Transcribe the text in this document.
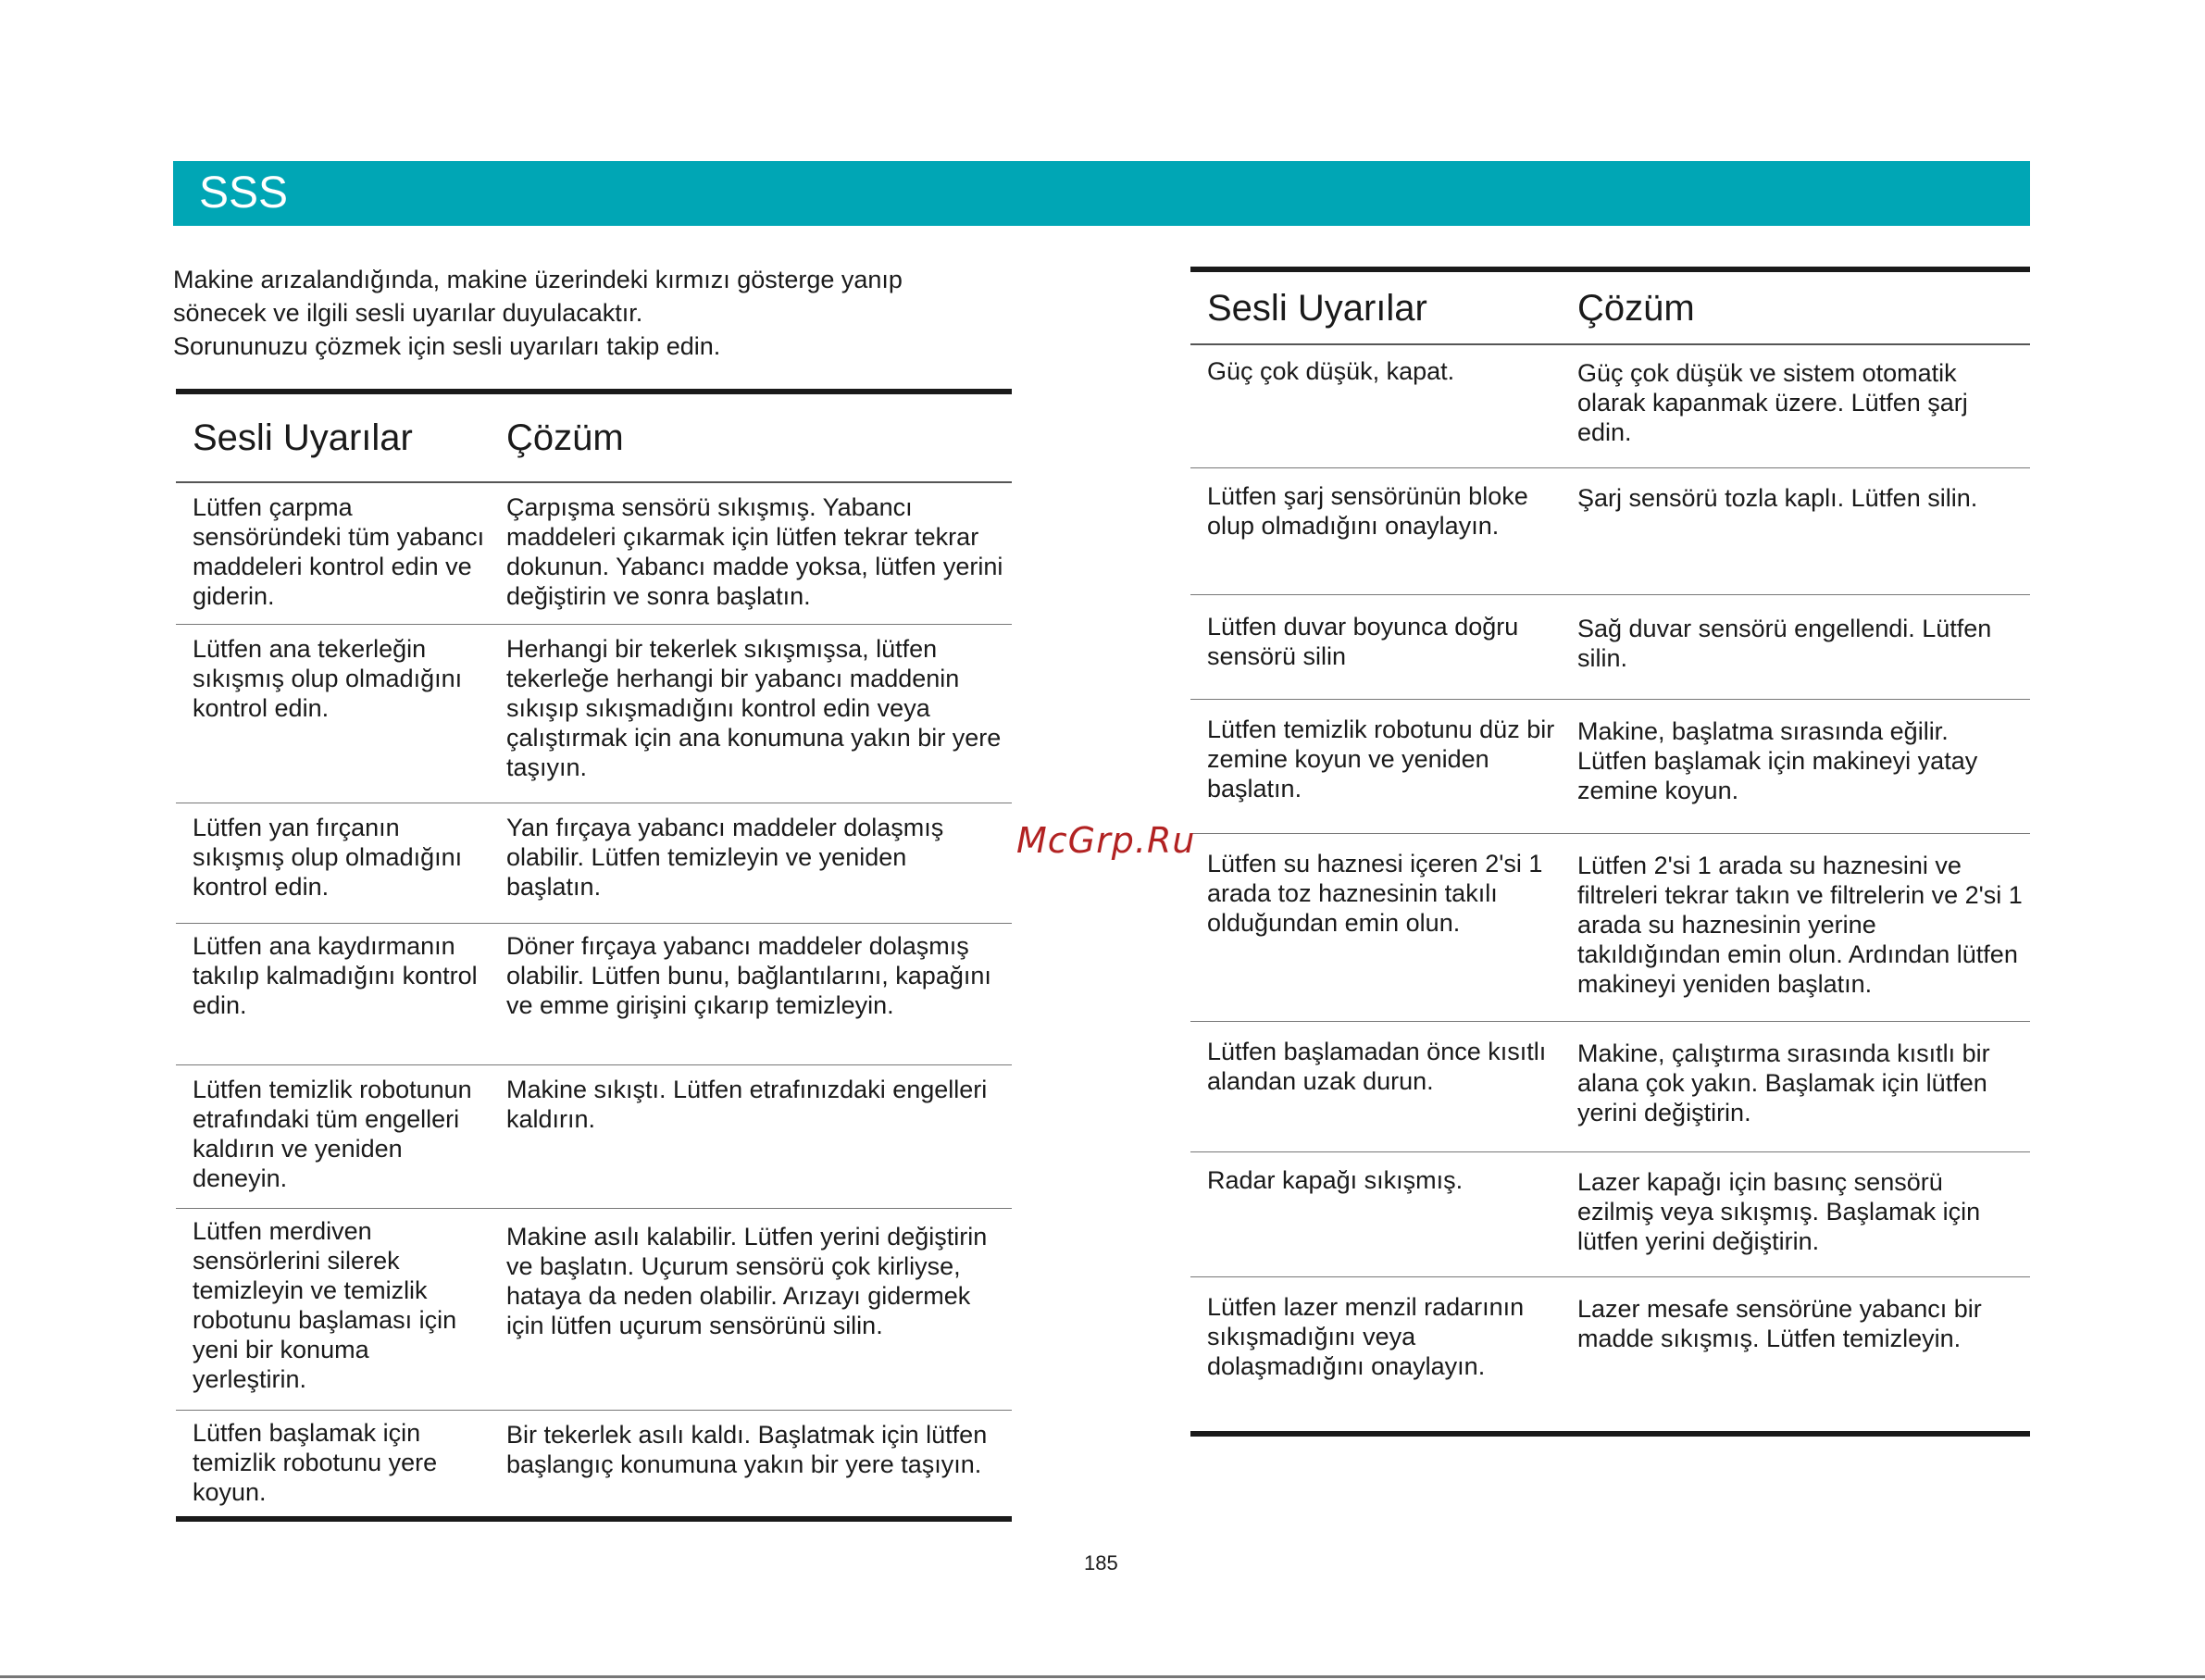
SSS

Makine arızalandığında, makine üzerindeki kırmızı gösterge yanıp

sönecek ve ilgili sesli uyarılar duyulacaktır.

Sorununuzu çözmek için sesli uyarıları takip edin.

Sesli Uyarılar	Çözüm
Lütfen çarpma sensöründeki tüm yabancı maddeleri kontrol edin ve giderin.	Çarpışma sensörü sıkışmış. Yabancı maddeleri çıkarmak için lütfen tekrar tekrar dokunun. Yabancı madde yoksa, lütfen yerini değiştirin ve sonra başlatın.
Lütfen ana tekerleğin sıkışmış olup olmadığını kontrol edin.	Herhangi bir tekerlek sıkışmışsa, lütfen tekerleğe herhangi bir yabancı maddenin sıkışıp sıkışmadığını kontrol edin veya çalıştırmak için ana konumuna yakın bir yere taşıyın.
Lütfen yan fırçanın sıkışmış olup olmadığını kontrol edin.	Yan fırçaya yabancı maddeler dolaşmış olabilir. Lütfen temizleyin ve yeniden başlatın.
Lütfen ana kaydırmanın takılıp kalmadığını kontrol edin.	Döner fırçaya yabancı maddeler dolaşmış olabilir. Lütfen bunu, bağlantılarını, kapağını ve emme girişini çıkarıp temizleyin.
Lütfen temizlik robotunun etrafındaki tüm engelleri kaldırın ve yeniden deneyin.	Makine sıkıştı. Lütfen etrafınızdaki engelleri kaldırın.
Lütfen merdiven sensörlerini silerek temizleyin ve temizlik robotunu başlaması için yeni bir konuma yerleştirin.	Makine asılı kalabilir. Lütfen yerini değiştirin ve başlatın. Uçurum sensörü çok kirliyse, hataya da neden olabilir. Arızayı gidermek için lütfen uçurum sensörünü silin.
Lütfen başlamak için temizlik robotunu yere koyun.	Bir tekerlek asılı kaldı. Başlatmak için lütfen başlangıç konumuna yakın bir yere taşıyın.
Sesli Uyarılar	Çözüm
Güç çok düşük, kapat.	Güç çok düşük ve sistem otomatik olarak kapanmak üzere. Lütfen şarj edin.
Lütfen şarj sensörünün bloke olup olmadığını onaylayın.	Şarj sensörü tozla kaplı. Lütfen silin.
Lütfen duvar boyunca doğru sensörü silin	Sağ duvar sensörü engellendi. Lütfen silin.
Lütfen temizlik robotunu düz bir zemine koyun ve yeniden başlatın.	Makine, başlatma sırasında eğilir. Lütfen başlamak için makineyi yatay zemine koyun.
Lütfen su haznesi içeren 2'si 1 arada toz haznesinin takılı olduğundan emin olun.	Lütfen 2'si 1 arada su haznesini ve filtreleri tekrar takın ve filtrelerin ve 2'si 1 arada su haznesinin yerine takıldığından emin olun. Ardından lütfen makineyi yeniden başlatın.
Lütfen başlamadan önce kısıtlı alandan uzak durun.	Makine, çalıştırma sırasında kısıtlı bir alana çok yakın. Başlamak için lütfen yerini değiştirin.
Radar kapağı sıkışmış.	Lazer kapağı için basınç sensörü ezilmiş veya sıkışmış. Başlamak için lütfen yerini değiştirin.
Lütfen lazer menzil radarının sıkışmadığını veya dolaşmadığını onaylayın.	Lazer mesafe sensörüne yabancı bir madde sıkışmış. Lütfen temizleyin.
McGrp.Ru
185
